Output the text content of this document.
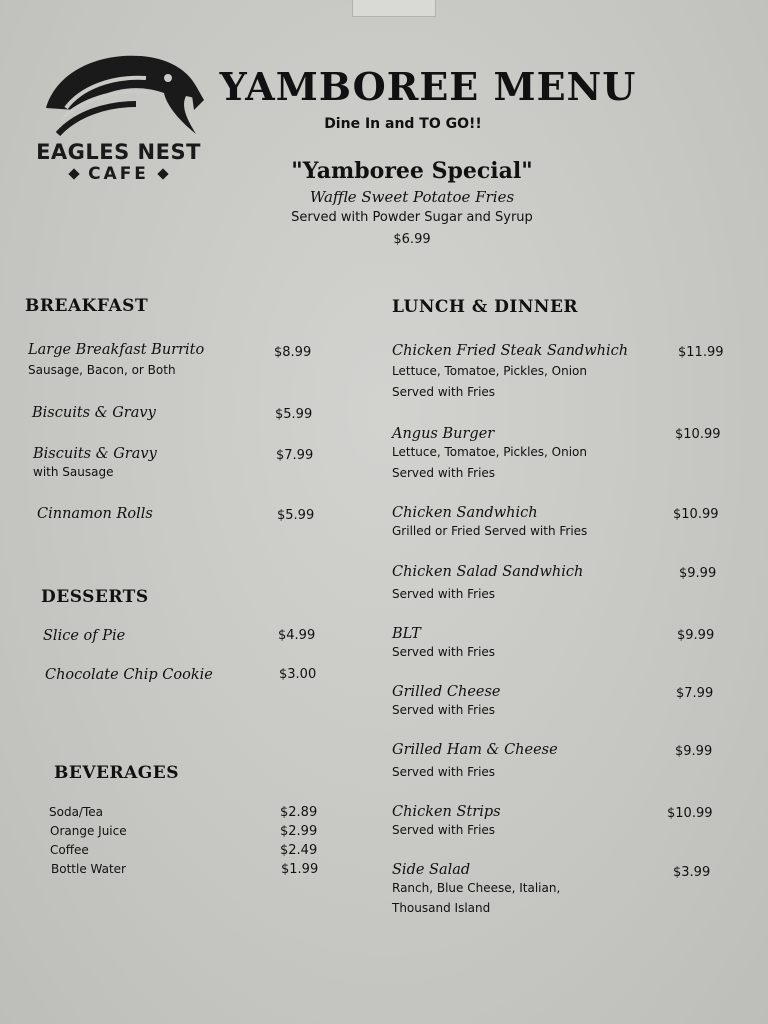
EAGLES NEST
CAFE
YAMBOREE MENU
Dine In and TO GO!!
"Yamboree Special"
Waffle Sweet Potatoe Fries
Served with Powder Sugar and Syrup
$6.99
BREAKFAST
Large Breakfast Burrito
Sausage, Bacon, or Both
$8.99
Biscuits & Gravy	$5.99
Biscuits & Gravy
with Sausage
$7.99
Cinnamon Rolls	$5.99
DESSERTS
Slice of Pie	$4.99
Chocolate Chip Cookie	$3.00
BEVERAGES
Soda/Tea	$2.89
Orange Juice	$2.99
Coffee	$2.49
Bottle Water	$1.99
LUNCH & DINNER
Chicken Fried Steak Sandwhich
Lettuce, Tomatoe, Pickles, Onion
Served with Fries
$11.99
Angus Burger
Lettuce, Tomatoe, Pickles, Onion
Served with Fries
$10.99
Chicken Sandwhich
Grilled or Fried Served with Fries
$10.99
Chicken Salad Sandwhich
Served with Fries
$9.99
BLT
Served with Fries
$9.99
Grilled Cheese
Served with Fries
$7.99
Grilled Ham & Cheese
Served with Fries
$9.99
Chicken Strips
Served with Fries
$10.99
Side Salad
Ranch, Blue Cheese, Italian,
Thousand Island
$3.99
